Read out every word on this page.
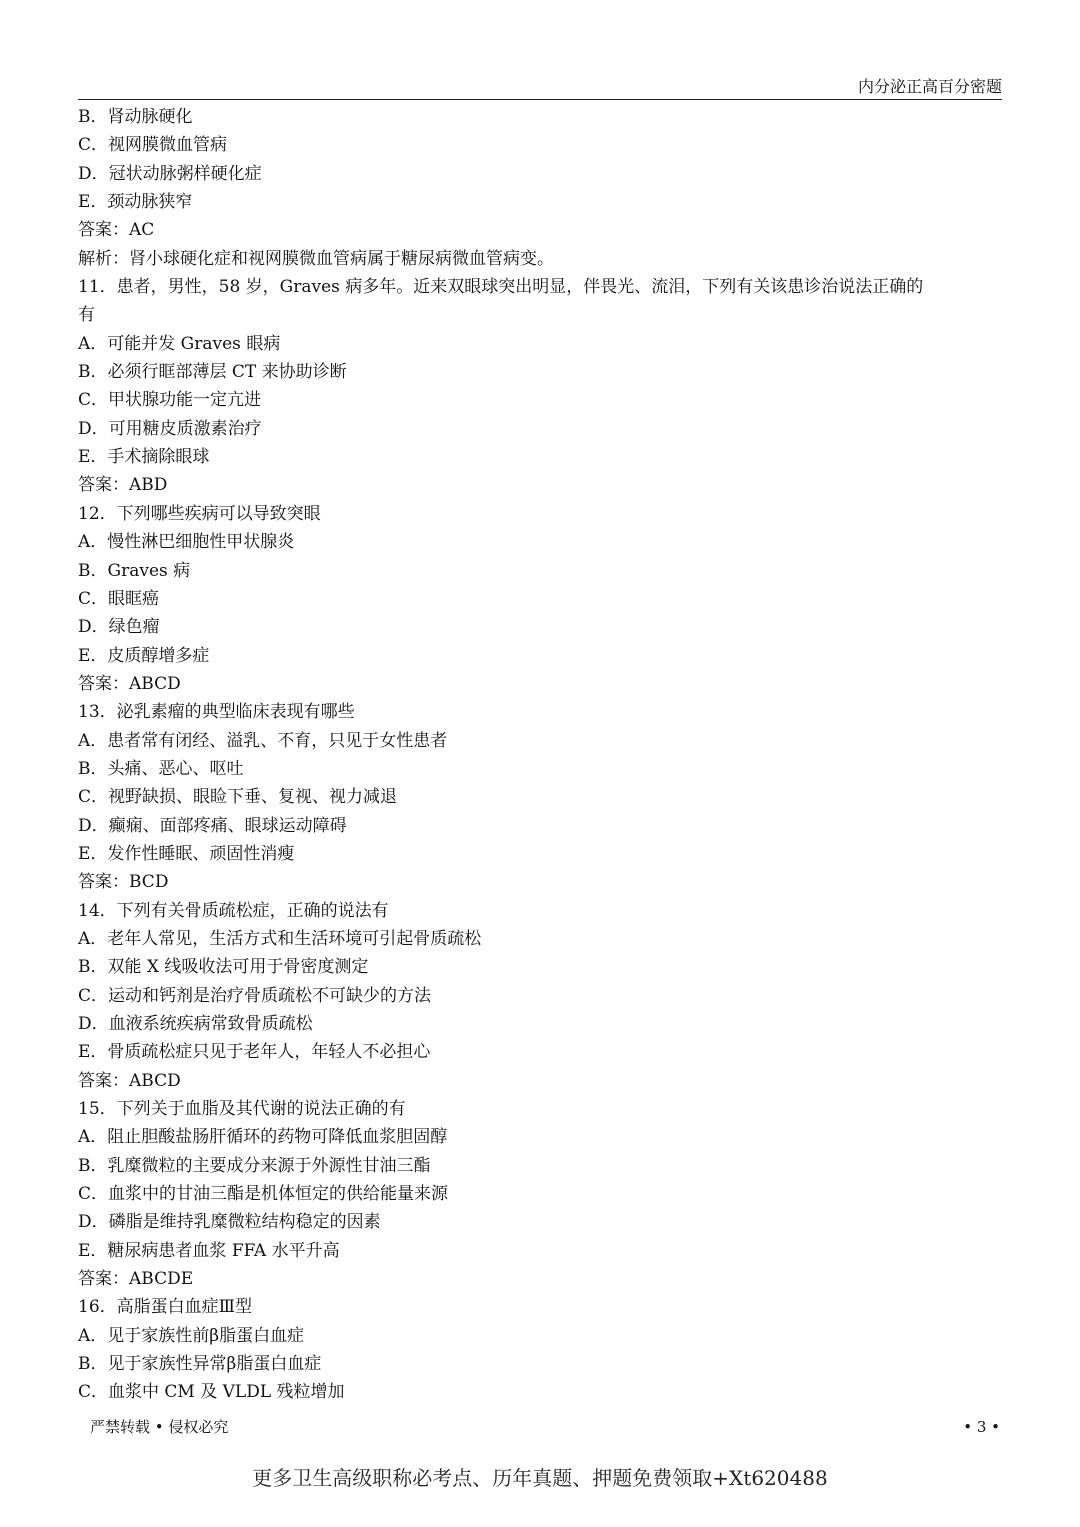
内分泌正高百分密题
B．肾动脉硬化
C．视网膜微血管病
D．冠状动脉粥样硬化症
E．颈动脉狭窄
答案：AC
解析：肾小球硬化症和视网膜微血管病属于糖尿病微血管病变。
11．患者，男性，58 岁，Graves 病多年。近来双眼球突出明显，伴畏光、流泪，下列有关该患诊治说法正确的
有
A．可能并发 Graves 眼病
B．必须行眶部薄层 CT 来协助诊断
C．甲状腺功能一定亢进
D．可用糖皮质激素治疗
E．手术摘除眼球
答案：ABD
12．下列哪些疾病可以导致突眼
A．慢性淋巴细胞性甲状腺炎
B．Graves 病
C．眼眶癌
D．绿色瘤
E．皮质醇增多症
答案：ABCD
13．泌乳素瘤的典型临床表现有哪些
A．患者常有闭经、溢乳、不育，只见于女性患者
B．头痛、恶心、呕吐
C．视野缺损、眼睑下垂、复视、视力减退
D．癫痫、面部疼痛、眼球运动障碍
E．发作性睡眠、顽固性消瘦
答案：BCD
14．下列有关骨质疏松症，正确的说法有
A．老年人常见，生活方式和生活环境可引起骨质疏松
B．双能 X 线吸收法可用于骨密度测定
C．运动和钙剂是治疗骨质疏松不可缺少的方法
D．血液系统疾病常致骨质疏松
E．骨质疏松症只见于老年人，年轻人不必担心
答案：ABCD
15．下列关于血脂及其代谢的说法正确的有
A．阻止胆酸盐肠肝循环的药物可降低血浆胆固醇
B．乳糜微粒的主要成分来源于外源性甘油三酯
C．血浆中的甘油三酯是机体恒定的供给能量来源
D．磷脂是维持乳糜微粒结构稳定的因素
E．糖尿病患者血浆 FFA 水平升高
答案：ABCDE
16．高脂蛋白血症Ⅲ型
A．见于家族性前β脂蛋白血症
B．见于家族性异常β脂蛋白血症
C．血浆中 CM 及 VLDL 残粒增加
严禁转载 • 侵权必究	• 3 •
更多卫生高级职称必考点、历年真题、押题免费领取+Xt620488
